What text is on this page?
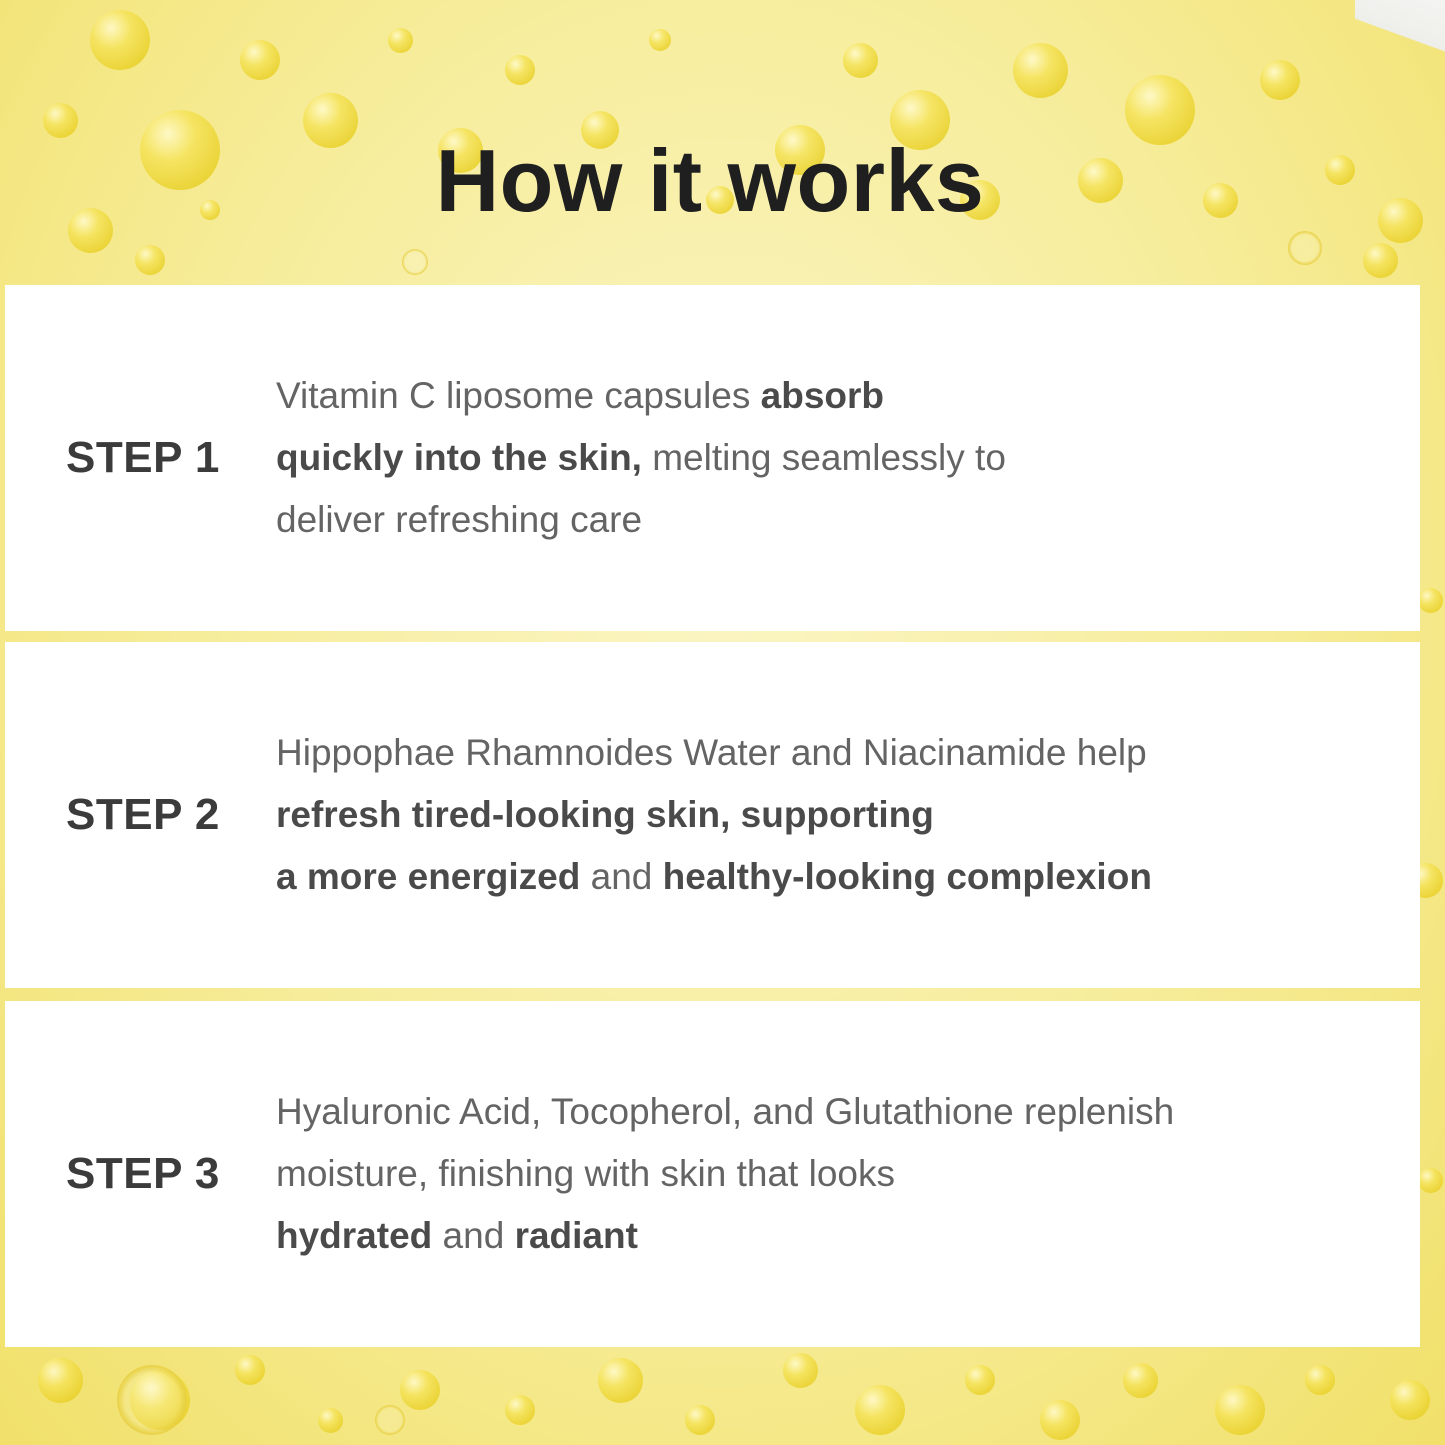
How it works
STEP 1
Vitamin C liposome capsules absorb
quickly into the skin, melting seamlessly to
deliver refreshing care
STEP 2
Hippophae Rhamnoides Water and Niacinamide help
refresh tired-looking skin, supporting
a more energized and healthy-looking complexion
STEP 3
Hyaluronic Acid, Tocopherol, and Glutathione replenish
moisture, finishing with skin that looks
hydrated and radiant
